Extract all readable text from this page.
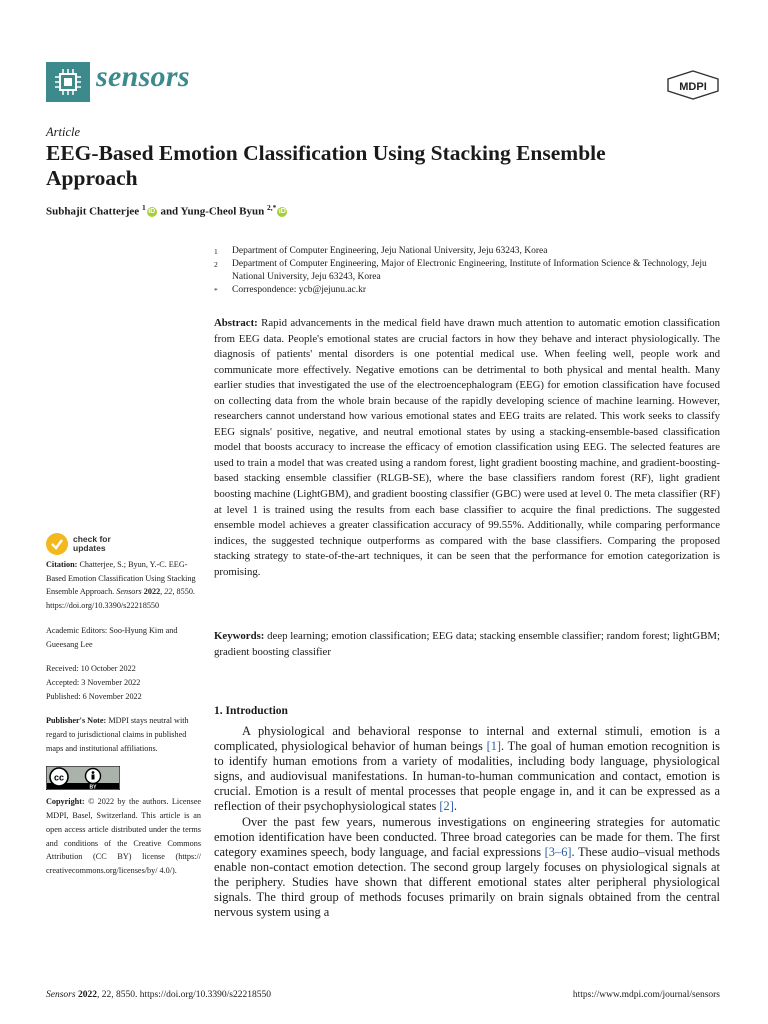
sensors	MDPI
Article
EEG-Based Emotion Classification Using Stacking Ensemble Approach
Subhajit Chatterjee $^1$ iD and Yung-Cheol Byun $^{2,*}$ iD
1	Department of Computer Engineering, Jeju National University, Jeju 63243, Korea
2	Department of Computer Engineering, Major of Electronic Engineering, Institute of Information Science & Technology, Jeju National University, Jeju 63243, Korea
*	Correspondence: ycb@jejunu.ac.kr
Abstract: Rapid advancements in the medical field have drawn much attention to automatic emotion classification from EEG data. People's emotional states are crucial factors in how they behave and interact physiologically. The diagnosis of patients' mental disorders is one potential medical use. When feeling well, people work and communicate more effectively. Negative emotions can be detrimental to both physical and mental health. Many earlier studies that investigated the use of the electroencephalogram (EEG) for emotion classification have focused on collecting data from the whole brain because of the rapidly developing science of machine learning. However, researchers cannot understand how various emotional states and EEG traits are related. This work seeks to classify EEG signals' positive, negative, and neutral emotional states by using a stacking-ensemble-based classification model that boosts accuracy to increase the efficacy of emotion classification using EEG. The selected features are used to train a model that was created using a random forest, light gradient boosting machine, and gradient-boosting-based stacking ensemble classifier (RLGB-SE), where the base classifiers random forest (RF), light gradient boosting machine (LightGBM), and gradient boosting classifier (GBC) were used at level 0. The meta classifier (RF) at level 1 is trained using the results from each base classifier to acquire the final predictions. The suggested ensemble model achieves a greater classification accuracy of 99.55%. Additionally, while comparing performance indices, the suggested technique outperforms as compared with the base classifiers. Comparing the proposed stacking strategy to state-of-the-art techniques, it can be seen that the performance for emotion categorization is promising.
Keywords: deep learning; emotion classification; EEG data; stacking ensemble classifier; random forest; lightGBM; gradient boosting classifier
check for
updates
Citation: Chatterjee, S.; Byun, Y.-C. EEG-Based Emotion Classification Using Stacking Ensemble Approach. Sensors 2022, 22, 8550. https://doi.org/10.3390/s22218550
Academic Editors: Soo-Hyung Kim and Gueesang Lee
Received: 10 October 2022
Accepted: 3 November 2022
Published: 6 November 2022
Publisher's Note: MDPI stays neutral with regard to jurisdictional claims in published maps and institutional affiliations.
cc
BY
Copyright: © 2022 by the authors. Licensee MDPI, Basel, Switzerland. This article is an open access article distributed under the terms and conditions of the Creative Commons Attribution (CC BY) license (https:// creativecommons.org/licenses/by/ 4.0/).
1. Introduction

A physiological and behavioral response to internal and external stimuli, emotion is a complicated, physiological behavior of human beings [1]. The goal of human emotion recognition is to identify human emotions from a variety of modalities, including body language, physiological signs, and audiovisual manifestations. In human-to-human communication and contact, emotion is crucial. Emotion is a result of mental processes that people engage in, and it can be expressed as a reflection of their psychophysiological states [2].

Over the past few years, numerous investigations on engineering strategies for automatic emotion identification have been conducted. Three broad categories can be made for them. The first category examines speech, body language, and facial expressions [3–6]. These audio–visual methods enable non-contact emotion detection. The second group largely focuses on physiological signals at the periphery. Studies have shown that different emotional states alter peripheral physiological signals. The third group of methods focuses primarily on brain signals obtained from the central nervous system using a

Sensors 2022, 22, 8550. https://doi.org/10.3390/s22218550	https://www.mdpi.com/journal/sensors
